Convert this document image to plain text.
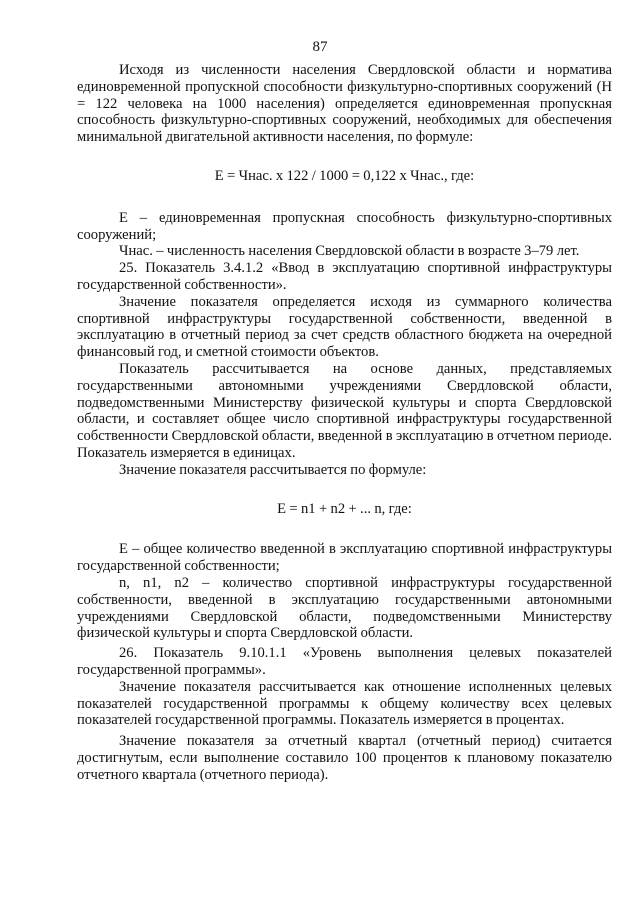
87

Исходя из численности населения Свердловской области и норматива единовременной пропускной способности физкультурно-спортивных сооружений (Н = 122 человека на 1000 населения) определяется единовременная пропускная способность физкультурно-спортивных сооружений, необходимых для обеспечения минимальной двигательной активности населения, по формуле:

Е = Чнас. х 122 / 1000 = 0,122 х Чнас., где:

Е – единовременная пропускная способность физкультурно-спортивных сооружений;

Чнас. – численность населения Свердловской области в возрасте 3–79 лет.

25. Показатель 3.4.1.2 «Ввод в эксплуатацию спортивной инфраструктуры государственной собственности».

Значение показателя определяется исходя из суммарного количества спортивной инфраструктуры государственной собственности, введенной в эксплуатацию в отчетный период за счет средств областного бюджета на очередной финансовый год, и сметной стоимости объектов.

Показатель рассчитывается на основе данных, представляемых государственными автономными учреждениями Свердловской области, подведомственными Министерству физической культуры и спорта Свердловской области, и составляет общее число спортивной инфраструктуры государственной собственности Свердловской области, введенной в эксплуатацию в отчетном периоде. Показатель измеряется в единицах.

Значение показателя рассчитывается по формуле:

Е = n1 + n2 + ... n, где:

Е – общее количество введенной в эксплуатацию спортивной инфраструктуры государственной собственности;

n, n1, n2 – количество спортивной инфраструктуры государственной собственности, введенной в эксплуатацию государственными автономными учреждениями Свердловской области, подведомственными Министерству физической культуры и спорта Свердловской области.

26. Показатель 9.10.1.1 «Уровень выполнения целевых показателей государственной программы».

Значение показателя рассчитывается как отношение исполненных целевых показателей государственной программы к общему количеству всех целевых показателей государственной программы. Показатель измеряется в процентах.

Значение показателя за отчетный квартал (отчетный период) считается достигнутым, если выполнение составило 100 процентов к плановому показателю отчетного квартала (отчетного периода).
